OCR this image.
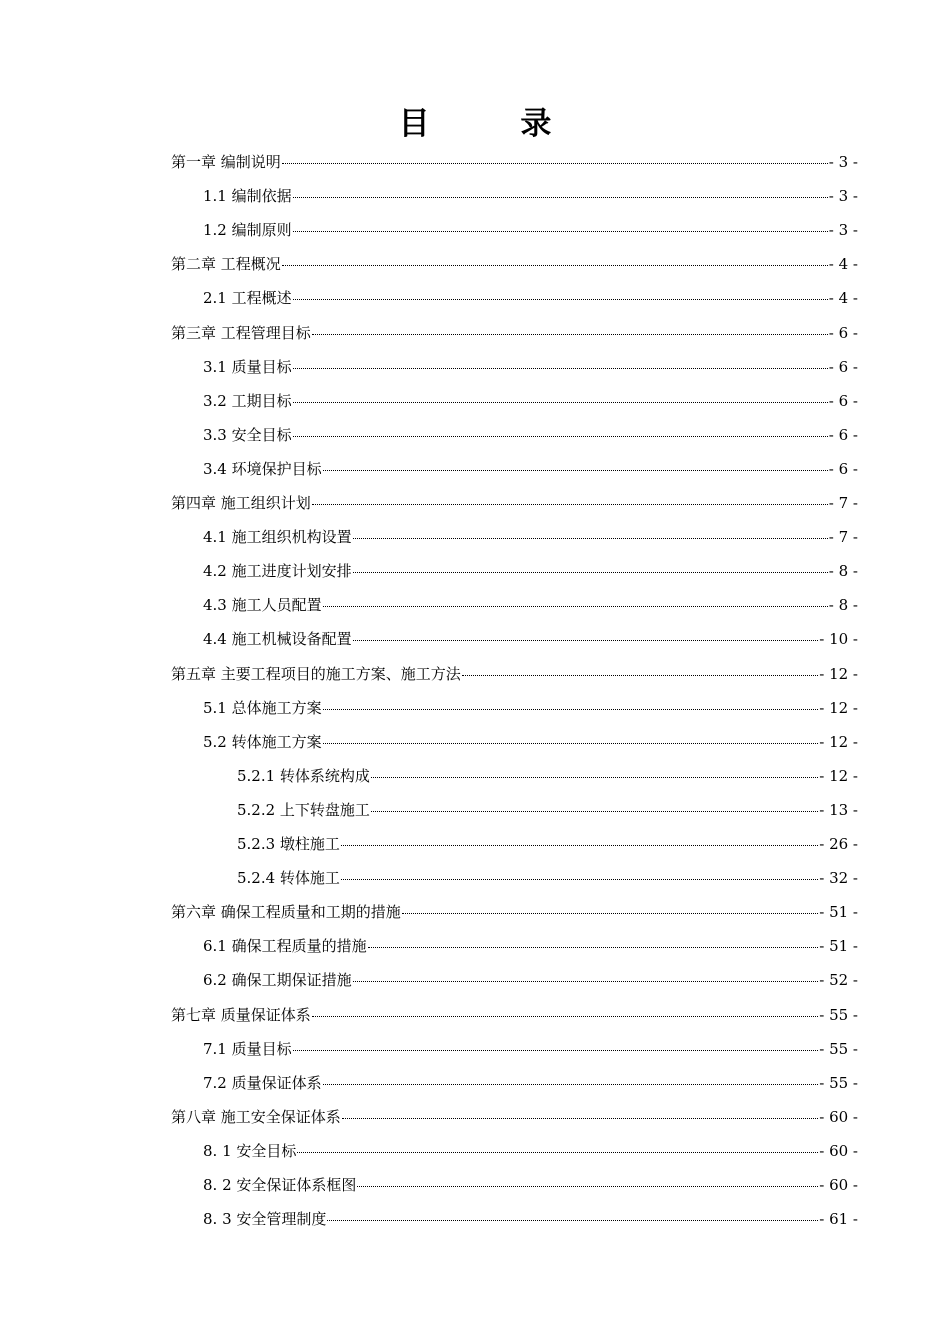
目 录
第一章 编制说明	- 3 -
1.1 编制依据	- 3 -
1.2 编制原则	- 3 -
第二章 工程概况	- 4 -
2.1 工程概述	- 4 -
第三章 工程管理目标	- 6 -
3.1 质量目标	- 6 -
3.2 工期目标	- 6 -
3.3 安全目标	- 6 -
3.4 环境保护目标	- 6 -
第四章 施工组织计划	- 7 -
4.1 施工组织机构设置	- 7 -
4.2 施工进度计划安排	- 8 -
4.3 施工人员配置	- 8 -
4.4 施工机械设备配置	- 10 -
第五章 主要工程项目的施工方案、施工方法	- 12 -
5.1 总体施工方案	- 12 -
5.2 转体施工方案	- 12 -
5.2.1 转体系统构成	- 12 -
5.2.2 上下转盘施工	- 13 -
5.2.3 墩柱施工	- 26 -
5.2.4 转体施工	- 32 -
第六章 确保工程质量和工期的措施	- 51 -
6.1 确保工程质量的措施	- 51 -
6.2 确保工期保证措施	- 52 -
第七章 质量保证体系	- 55 -
7.1 质量目标	- 55 -
7.2 质量保证体系	- 55 -
第八章 施工安全保证体系	- 60 -
8. 1 安全目标	- 60 -
8. 2 安全保证体系框图	- 60 -
8. 3 安全管理制度	- 61 -
